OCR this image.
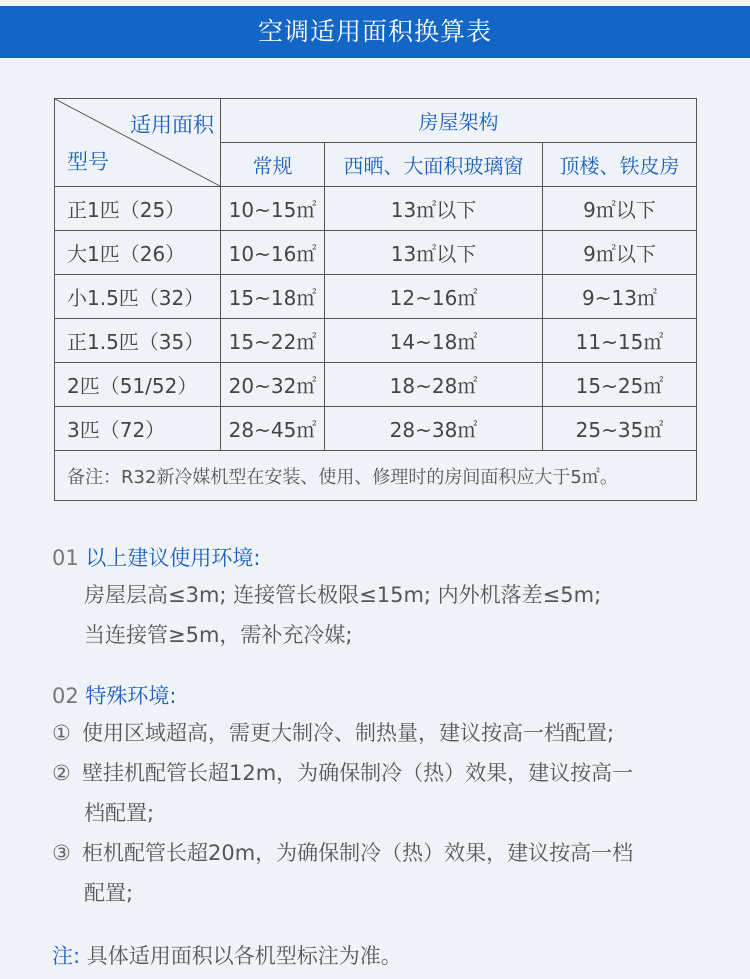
空调适用面积换算表
适用面积
型号	房屋架构		
	常规	西晒、大面积玻璃窗	顶楼、铁皮房
正1匹（25）	10~15㎡	13㎡以下	9㎡以下
大1匹（26）	10~16㎡	13㎡以下	9㎡以下
小1.5匹（32）	15~18㎡	12~16㎡	9~13㎡
正1.5匹（35）	15~22㎡	14~18㎡	11~15㎡
2匹（51/52）	20~32㎡	18~28㎡	15~25㎡
3匹（72）	28~45㎡	28~38㎡	25~35㎡
备注：R32新冷媒机型在安装、使用、修理时的房间面积应大于5㎡。			
01 以上建议使用环境:
房屋层高≤3m; 连接管长极限≤15m; 内外机落差≤5m;
当连接管≥5m，需补充冷媒;
02 特殊环境:
① 使用区域超高，需更大制冷、制热量，建议按高一档配置;
② 壁挂机配管长超12m，为确保制冷（热）效果，建议按高一
档配置;
③ 柜机配管长超20m，为确保制冷（热）效果，建议按高一档
配置;
注: 具体适用面积以各机型标注为准。
